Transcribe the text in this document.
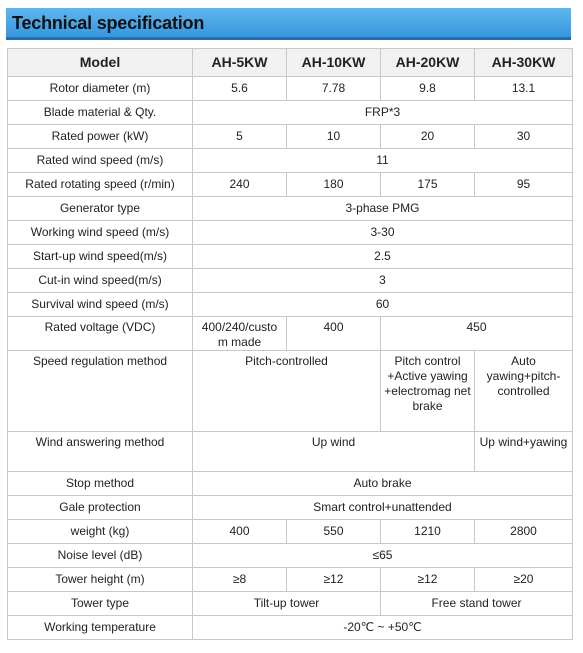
Technical specification
Model	AH-5KW	AH-10KW	AH-20KW	AH-30KW
Rotor diameter (m)	5.6	7.78	9.8	13.1
Blade material & Qty.	FRP*3			
Rated power (kW)	5	10	20	30
Rated wind speed (m/s)	11			
Rated rotating speed (r/min)	240	180	175	95
Generator type	3-phase PMG			
Working wind speed (m/s)	3-30			
Start-up wind speed(m/s)	2.5			
Cut-in wind speed(m/s)	3			
Survival wind speed (m/s)	60			
Rated voltage (VDC)	400/240/custo m made	400	450	
Speed regulation method	Pitch-controlled		Pitch control +Active yawing +electromag net brake	Auto yawing+pitch- controlled
Wind answering method	Up wind			Up wind+yawing
Stop method	Auto brake			
Gale protection	Smart control+unattended			
weight (kg)	400	550	1210	2800
Noise level (dB)	≤65			
Tower height (m)	≥8	≥12	≥12	≥20
Tower type	Tilt-up tower		Free stand tower	
Working temperature	-20℃ ~ +50℃			
